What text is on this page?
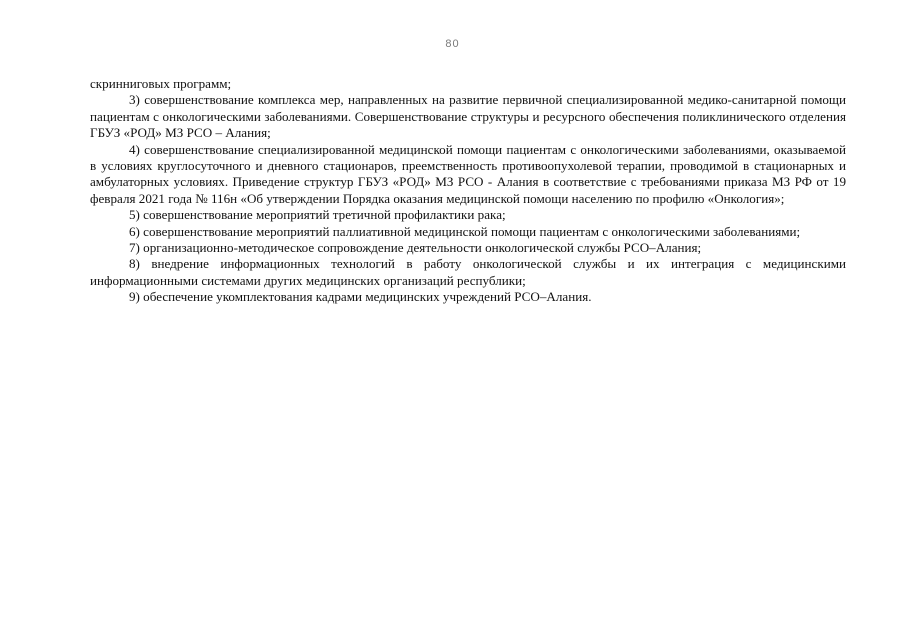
80

скринниговых программ;

3) совершенствование комплекса мер, направленных на развитие первичной специализированной медико-санитарной помощи пациентам с онкологическими заболеваниями. Совершенствование структуры и ресурсного обеспечения поликлинического отделения ГБУЗ «РОД» МЗ РСО – Алания;

4) совершенствование специализированной медицинской помощи пациентам с онкологическими заболеваниями, оказываемой в условиях круглосуточного и дневного стационаров, преемственность противоопухолевой терапии, проводимой в стационарных и амбулаторных условиях. Приведение структур ГБУЗ «РОД» МЗ РСО - Алания в соответствие с требованиями приказа МЗ РФ от 19 февраля 2021 года № 116н «Об утверждении Порядка оказания медицинской помощи населению по профилю «Онкология»;

5) совершенствование мероприятий третичной профилактики рака;

6) совершенствование мероприятий паллиативной медицинской помощи пациентам с онкологическими заболеваниями;

7) организационно-методическое сопровождение деятельности онкологической службы РСО–Алания;

8) внедрение информационных технологий в работу онкологической службы и их интеграция с медицинскими информационными системами других медицинских организаций республики;

9) обеспечение укомплектования кадрами медицинских учреждений РСО–Алания.
